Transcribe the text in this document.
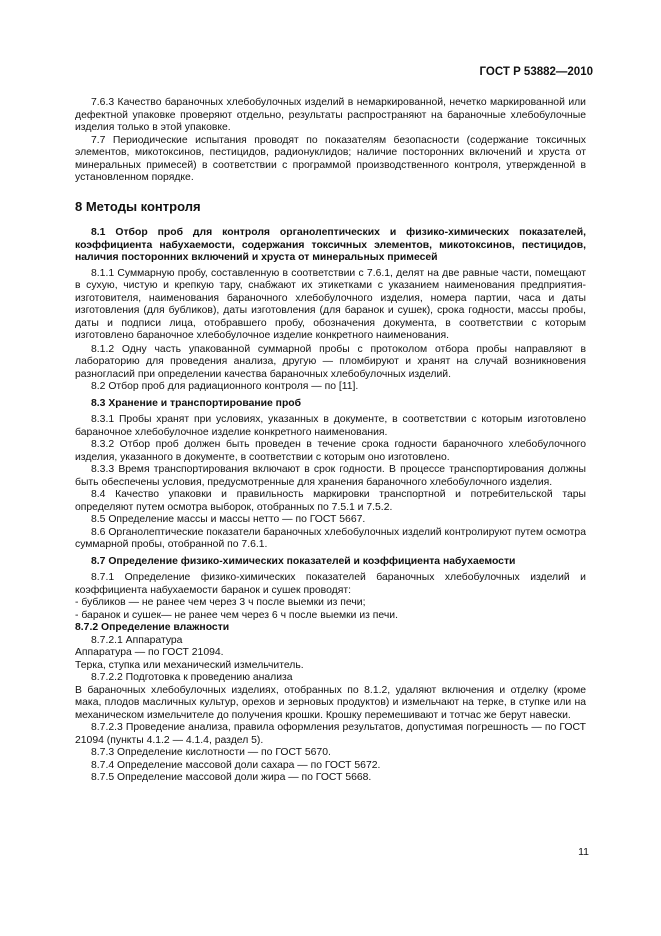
ГОСТ Р 53882—2010

7.6.3 Качество бараночных хлебобулочных изделий в немаркированной, нечетко маркированной или дефектной упаковке проверяют отдельно, результаты распространяют на бараночные хлебобулочные изделия только в этой упаковке.

7.7 Периодические испытания проводят по показателям безопасности (содержание токсичных элементов, микотоксинов, пестицидов, радионуклидов; наличие посторонних включений и хруста от минеральных примесей) в соответствии с программой производственного контроля, утвержденной в установленном порядке.

8 Методы контроля

8.1 Отбор проб для контроля органолептических и физико-химических показателей, коэффициента набухаемости, содержания токсичных элементов, микотоксинов, пестицидов, наличия посторонних включений и хруста от минеральных примесей

8.1.1 Суммарную пробу, составленную в соответствии с 7.6.1, делят на две равные части, помещают в сухую, чистую и крепкую тару, снабжают их этикетками с указанием наименования предприятия-изготовителя, наименования бараночного хлебобулочного изделия, номера партии, часа и даты изготовления (для бубликов), даты изготовления (для баранок и сушек), срока годности, массы пробы, даты и подписи лица, отобравшего пробу, обозначения документа, в соответствии с которым изготовлено бараночное хлебобулочное изделие конкретного наименования.

8.1.2 Одну часть упакованной суммарной пробы с протоколом отбора пробы направляют в лабораторию для проведения анализа, другую — пломбируют и хранят на случай возникновения разногласий при определении качества бараночных хлебобулочных изделий.

8.2 Отбор проб для радиационного контроля — по [11].

8.3 Хранение и транспортирование проб

8.3.1 Пробы хранят при условиях, указанных в документе, в соответствии с которым изготовлено бараночное хлебобулочное изделие конкретного наименования.

8.3.2 Отбор проб должен быть проведен в течение срока годности бараночного хлебобулочного изделия, указанного в документе, в соответствии с которым оно изготовлено.

8.3.3 Время транспортирования включают в срок годности. В процессе транспортирования должны быть обеспечены условия, предусмотренные для хранения бараночного хлебобулочного изделия.

8.4 Качество упаковки и правильность маркировки транспортной и потребительской тары определяют путем осмотра выборок, отобранных по 7.5.1 и 7.5.2.

8.5 Определение массы и массы нетто — по ГОСТ 5667.

8.6 Органолептические показатели бараночных хлебобулочных изделий контролируют путем осмотра суммарной пробы, отобранной по 7.6.1.

8.7 Определение физико-химических показателей и коэффициента набухаемости

8.7.1 Определение физико-химических показателей бараночных хлебобулочных изделий и коэффициента набухаемости баранок и сушек проводят:

- бубликов — не ранее чем через 3 ч после выемки из печи;

- баранок и сушек— не ранее чем через 6 ч после выемки из печи.

8.7.2 Определение влажности

8.7.2.1 Аппаратура

Аппаратура — по ГОСТ 21094.

Терка, ступка или механический измельчитель.

8.7.2.2 Подготовка к проведению анализа

В бараночных хлебобулочных изделиях, отобранных по 8.1.2, удаляют включения и отделку (кроме мака, плодов масличных культур, орехов и зерновых продуктов) и измельчают на терке, в ступке или на механическом измельчителе до получения крошки. Крошку перемешивают и тотчас же берут навески.

8.7.2.3 Проведение анализа, правила оформления результатов, допустимая погрешность — по ГОСТ 21094 (пункты 4.1.2 — 4.1.4, раздел 5).

8.7.3 Определение кислотности — по ГОСТ 5670.

8.7.4 Определение массовой доли сахара — по ГОСТ 5672.

8.7.5 Определение массовой доли жира — по ГОСТ 5668.

11
